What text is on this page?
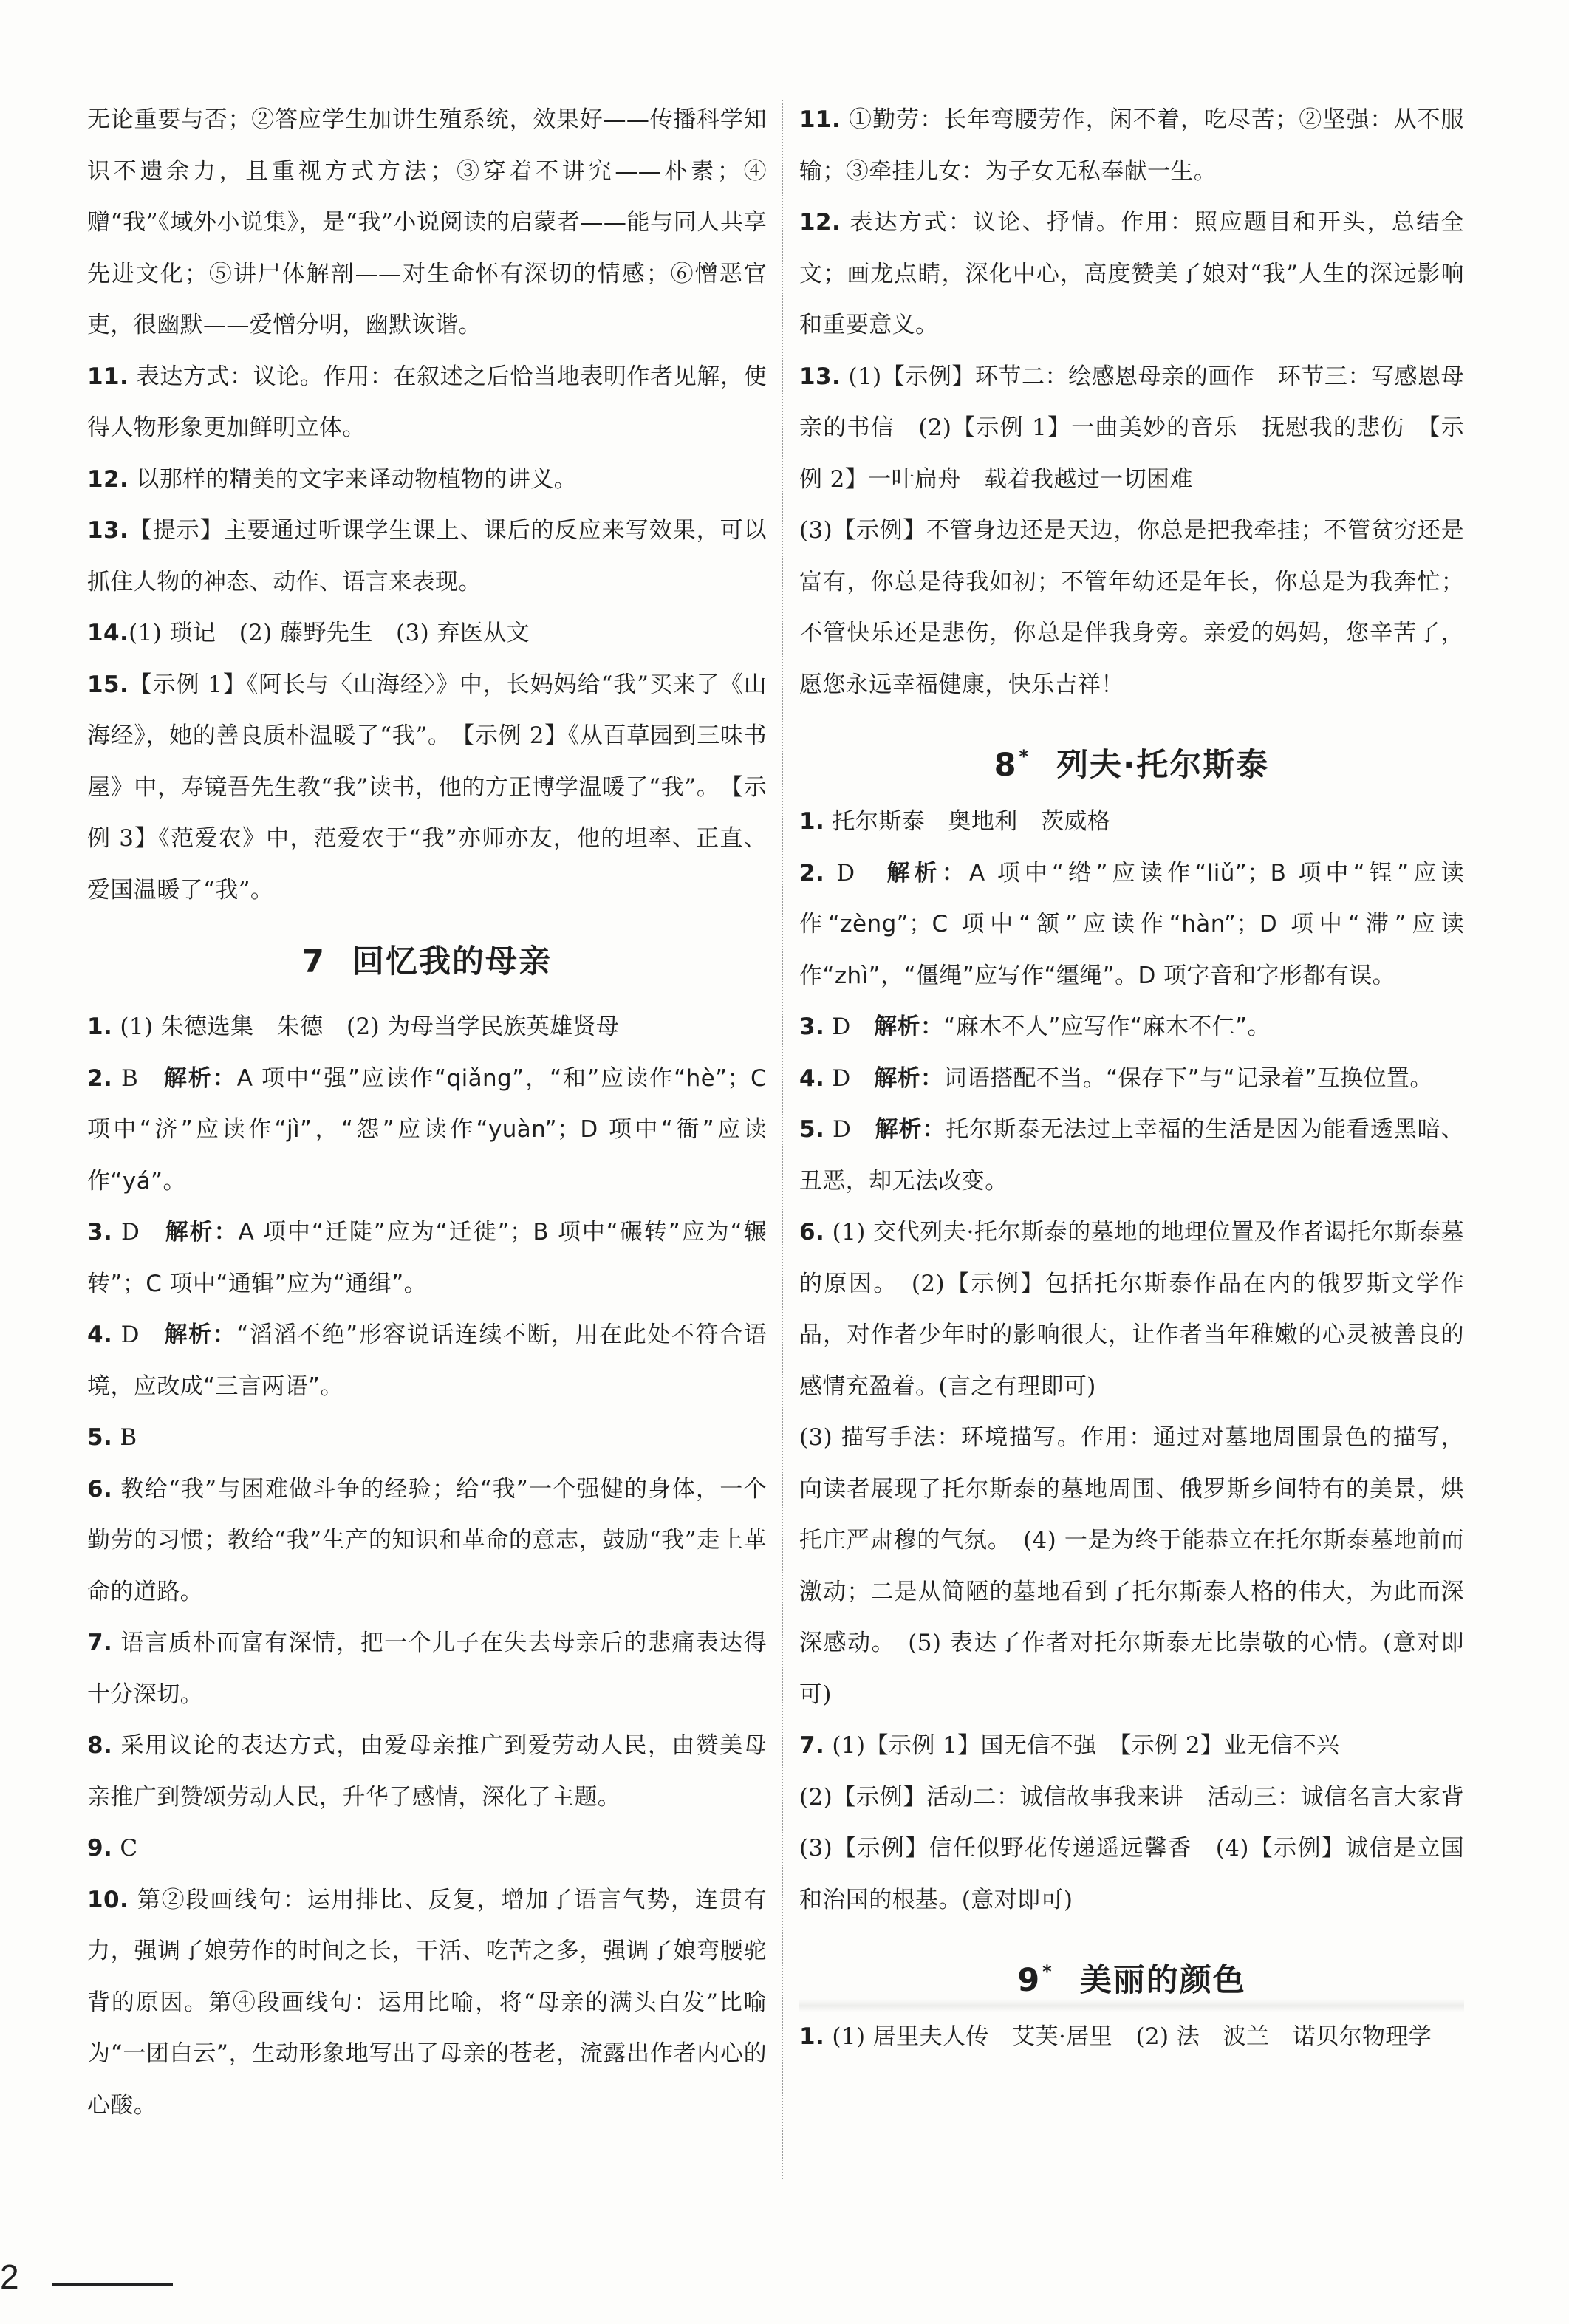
无论重要与否；②答应学生加讲生殖系统，效果好——传播科学知识不遗余力，且重视方式方法；③穿着不讲究——朴素；④赠“我”《域外小说集》，是“我”小说阅读的启蒙者——能与同人共享先进文化；⑤讲尸体解剖——对生命怀有深切的情感；⑥憎恶官吏，很幽默——爱憎分明，幽默诙谐。

11. 表达方式：议论。作用：在叙述之后恰当地表明作者见解，使得人物形象更加鲜明立体。

12. 以那样的精美的文字来译动物植物的讲义。

13.【提示】主要通过听课学生课上、课后的反应来写效果，可以抓住人物的神态、动作、语言来表现。

14.(1) 琐记　(2) 藤野先生　(3) 弃医从文

15.【示例 1】《阿长与〈山海经〉》中，长妈妈给“我”买来了《山海经》，她的善良质朴温暖了“我”。　【示例 2】《从百草园到三味书屋》中，寿镜吾先生教“我”读书，他的方正博学温暖了“我”。　【示例 3】《范爱农》中，范爱农于“我”亦师亦友，他的坦率、正直、爱国温暖了“我”。

7 回忆我的母亲

1. (1) 朱德选集　朱德　(2) 为母当学民族英雄贤母

2. B　 解析：A 项中“强”应读作“qiǎng”，“和”应读作“hè”；C 项中“济”应读作“jì”，“怨”应读作“yuàn”；D 项中“衙”应读作“yá”。

3. D　 解析：A 项中“迁陡”应为“迁徙”；B 项中“碾转”应为“辗转”；C 项中“通辑”应为“通缉”。

4. D　 解析：“滔滔不绝”形容说话连续不断，用在此处不符合语境，应改成“三言两语”。

5. B

6. 教给“我”与困难做斗争的经验；给“我”一个强健的身体，一个勤劳的习惯；教给“我”生产的知识和革命的意志，鼓励“我”走上革命的道路。

7. 语言质朴而富有深情，把一个儿子在失去母亲后的悲痛表达得十分深切。

8. 采用议论的表达方式，由爱母亲推广到爱劳动人民，由赞美母亲推广到赞颂劳动人民，升华了感情，深化了主题。

9. C

10. 第②段画线句：运用排比、反复，增加了语言气势，连贯有力，强调了娘劳作的时间之长，干活、吃苦之多，强调了娘弯腰驼背的原因。第④段画线句：运用比喻，将“母亲的满头白发”比喻为“一团白云”，生动形象地写出了母亲的苍老，流露出作者内心的心酸。

11. ①勤劳：长年弯腰劳作，闲不着，吃尽苦；②坚强：从不服输；③牵挂儿女：为子女无私奉献一生。

12. 表达方式：议论、抒情。作用：照应题目和开头，总结全文；画龙点睛，深化中心，高度赞美了娘对“我”人生的深远影响和重要意义。

13. (1)【示例】环节二：绘感恩母亲的画作　环节三：写感恩母亲的书信　(2)【示例 1】一曲美妙的音乐　抚慰我的悲伤　【示例 2】一叶扁舟　载着我越过一切困难

(3)【示例】不管身边还是天边，你总是把我牵挂；不管贫穷还是富有，你总是待我如初；不管年幼还是年长，你总是为我奔忙；不管快乐还是悲伤，你总是伴我身旁。亲爱的妈妈，您辛苦了，愿您永远幸福健康，快乐吉祥！

8* 列夫·托尔斯泰

1. 托尔斯泰　奥地利　茨威格

2. D　 解析：A 项中“绺”应读作“liǔ”；B 项中“锃”应读作“zèng”；C 项中“颔”应读作“hàn”；D 项中“滞”应读作“zhì”，“僵绳”应写作“缰绳”。D 项字音和字形都有误。

3. D　 解析：“麻木不人”应写作“麻木不仁”。

4. D　 解析：词语搭配不当。“保存下”与“记录着”互换位置。

5. D　 解析：托尔斯泰无法过上幸福的生活是因为能看透黑暗、丑恶，却无法改变。

6. (1) 交代列夫·托尔斯泰的墓地的地理位置及作者谒托尔斯泰墓的原因。　(2)【示例】包括托尔斯泰作品在内的俄罗斯文学作品，对作者少年时的影响很大，让作者当年稚嫩的心灵被善良的感情充盈着。(言之有理即可)

(3) 描写手法：环境描写。作用：通过对墓地周围景色的描写，向读者展现了托尔斯泰的墓地周围、俄罗斯乡间特有的美景，烘托庄严肃穆的气氛。　(4) 一是为终于能恭立在托尔斯泰墓地前而激动；二是从简陋的墓地看到了托尔斯泰人格的伟大，为此而深深感动。　(5) 表达了作者对托尔斯泰无比崇敬的心情。(意对即可)

7. (1)【示例 1】国无信不强　【示例 2】业无信不兴

(2)【示例】活动二：诚信故事我来讲　活动三：诚信名言大家背　(3)【示例】信任似野花传递遥远馨香　(4)【示例】诚信是立国和治国的根基。(意对即可)

9* 美丽的颜色

1. (1) 居里夫人传　艾芙·居里　(2) 法　波兰　诺贝尔物理学

2
